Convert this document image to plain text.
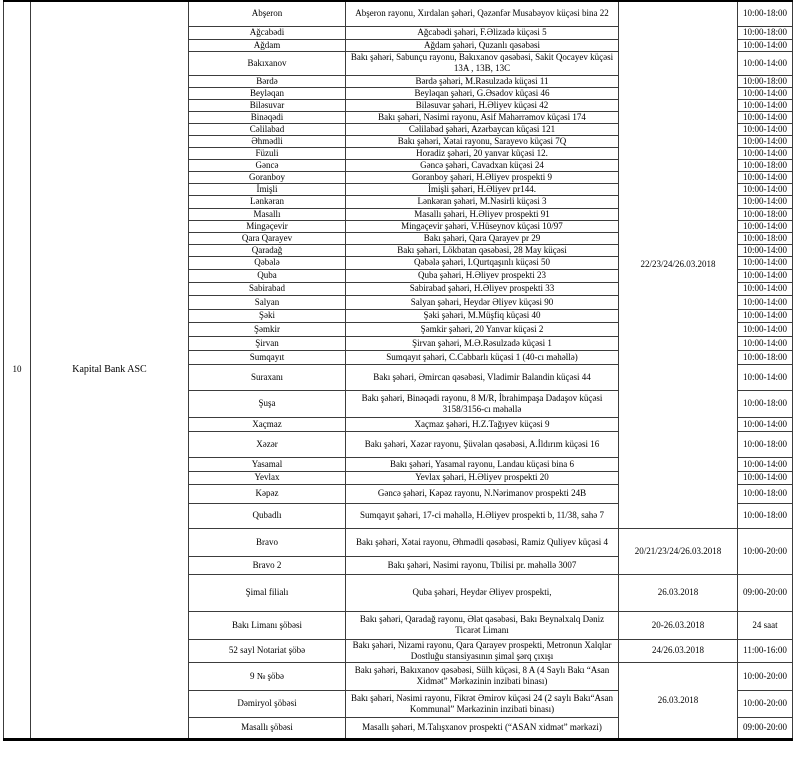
10	Kapital Bank ASC	Abşeron	Abşeron rayonu, Xırdalan şəhəri, Qəzənfər Musabəyov küçəsi bina 22	22/23/24/26.03.2018	10:00-18:00
		Ağcabədi	Ağcabədi şəhəri, F.Əlizadə küçəsi 5		10:00-18:00
		Ağdam	Ağdam şəhəri, Quzanlı qəsəbəsi		10:00-14:00
		Bakıxanov	Bakı şəhəri, Sabunçu rayonu, Bakıxanov qəsəbəsi, Sakit Qocayev küçəsi 13A , 13B, 13C		10:00-14:00
		Bərdə	Bərdə şəhəri, M.Rəsulzadə küçəsi 11		10:00-18:00
		Beyləqan	Beyləqan şəhəri, G.Əsədov küçəsi 46		10:00-14:00
		Biləsuvar	Biləsuvar şəhəri, H.Əliyev küçəsi 42		10:00-14:00
		Binəqədi	Bakı şəhəri, Nəsimi rayonu, Asif Məhərrəmov küçəsi 174		10:00-14:00
		Cəlilabad	Cəlilabad şəhəri, Azərbaycan küçəsi 121		10:00-14:00
		Əhmədli	Bakı şəhəri, Xətai rayonu, Sarayevo küçəsi 7Q		10:00-14:00
		Füzuli	Horadiz şəhəri, 20 yanvar küçəsi 12.		10:00-14:00
		Gəncə	Gəncə şəhəri, Cavadxan küçəsi 24		10:00-18:00
		Goranboy	Goranboy şəhəri, H.Əliyev prospekti 9		10:00-14:00
		İmişli	İmişli şəhəri, H.Əliyev pr144.		10:00-14:00
		Lənkəran	Lənkəran şəhəri, M.Nəsirli küçəsi 3		10:00-14:00
		Masallı	Masallı şəhəri, H.Əliyev prospekti 91		10:00-18:00
		Mingəçevir	Mingəçevir şəhəri, V.Hüseynov küçəsi 10/97		10:00-14:00
		Qara Qarayev	Bakı şəhəri, Qara Qarayev pr 29		10:00-18:00
		Qaradağ	Bakı şəhəri, Lökbatan qəsəbəsi, 28 May küçəsi		10:00-14:00
		Qəbələ	Qəbələ şəhəri, I.Qurtqaşınlı küçəsi 50		10:00-14:00
		Quba	Quba şəhəri, H.Əliyev prospekti 23		10:00-14:00
		Sabirabad	Sabirabad şəhəri, H.Əliyev prospekti 33		10:00-14:00
		Salyan	Salyan şəhəri, Heydər Əliyev küçəsi 90		10:00-14:00
		Şəki	Şəki şəhəri, M.Müşfiq küçəsi 40		10:00-14:00
		Şəmkir	Şəmkir şəhəri, 20 Yanvar küçəsi 2		10:00-14:00
		Şirvan	Şirvan şəhəri, M.Ə.Rəsulzadə küçəsi 1		10:00-14:00
		Sumqayıt	Sumqayıt şəhəri, C.Cabbarlı küçəsi 1 (40-cı məhəllə)		10:00-18:00
		Suraxanı	Bakı şəhəri, Əmircan qəsəbəsi, Vladimir Balandin küçəsi 44		10:00-14:00
		Şuşa	Bakı şəhəri, Binəqədi rayonu, 8 M/R, İbrahimpaşa Dadaşov küçəsi 3158/3156-cı məhəllə		10:00-18:00
		Xaçmaz	Xaçmaz şəhəri, H.Z.Tağıyev küçəsi 9		10:00-14:00
		Xəzər	Bakı şəhəri, Xəzər rayonu, Şüvəlan qəsəbəsi, A.İldırım küçəsi 16		10:00-18:00
		Yasamal	Bakı şəhəri, Yasamal rayonu, Landau küçəsi bina 6		10:00-14:00
		Yevlax	Yevlax şəhəri, H.Əliyev prospekti 20		10:00-14:00
		Kəpəz	Gəncə şəhəri, Kəpəz rayonu, N.Nərimanov prospekti 24B		10:00-18:00
		Qubadlı	Sumqayıt şəhəri, 17-ci məhəllə, H.Əliyev prospekti b, 11/38, sahə 7		10:00-18:00
		Bravo	Bakı şəhəri, Xətai rayonu, Əhmədli qəsəbəsi, Ramiz Quliyev küçəsi 4	20/21/23/24/26.03.2018	10:00-20:00
		Bravo 2	Bakı şəhəri, Nəsimi rayonu, Tbilisi pr. məhəllə 3007		
		Şimal filialı	Quba şəhəri, Heydər Əliyev prospekti,	26.03.2018	09:00-20:00
		Bakı Limanı şöbəsi	Bakı şəhəri, Qaradağ rayonu, Ələt qəsəbəsi, Bakı Beynəlxalq Dəniz Ticarət Limanı	20-26.03.2018	24 saat
		52 sayl Notariat şöbə	Bakı şəhəri, Nizami rayonu, Qara Qarayev prospekti, Metronun Xalqlar Dostluğu stansiyasının şimal şərq çıxışı	24/26.03.2018	11:00-16:00
		9 № şöbə	Bakı şəhəri, Bakıxanov qəsəbəsi, Sülh küçəsi, 8 A (4 Saylı Bakı “Asan Xidmət” Mərkəzinin inzibati binası)	26.03.2018	10:00-20:00
		Dəmiryol şöbəsi	Bakı şəhəri, Nəsimi rayonu, Fikrət Əmirov küçəsi 24 (2 saylı Bakı“Asan Kommunal” Mərkəzinin inzibati binası)		10:00-20:00
		Masallı şöbəsi	Masallı şəhəri, M.Talışxanov prospekti (“ASAN xidmət” mərkəzi)		09:00-20:00
